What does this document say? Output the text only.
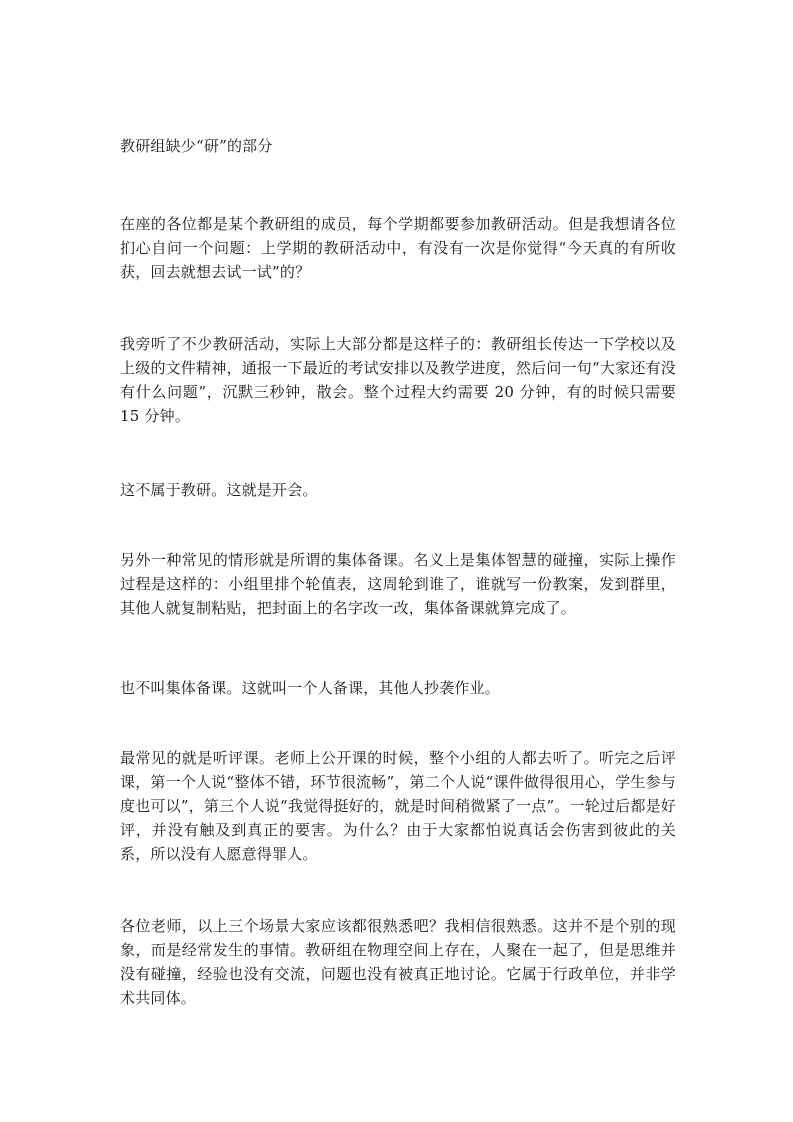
教研组缺少“研”的部分

在座的各位都是某个教研组的成员，每个学期都要参加教研活动。但是我想请各位扪心自问一个问题：上学期的教研活动中，有没有一次是你觉得“今天真的有所收获，回去就想去试一试”的？

我旁听了不少教研活动，实际上大部分都是这样子的：教研组长传达一下学校以及上级的文件精神，通报一下最近的考试安排以及教学进度，然后问一句“大家还有没有什么问题”，沉默三秒钟，散会。整个过程大约需要 20 分钟，有的时候只需要 15 分钟。

这不属于教研。这就是开会。

另外一种常见的情形就是所谓的集体备课。名义上是集体智慧的碰撞，实际上操作过程是这样的：小组里排个轮值表，这周轮到谁了，谁就写一份教案，发到群里，其他人就复制粘贴，把封面上的名字改一改，集体备课就算完成了。

也不叫集体备课。这就叫一个人备课，其他人抄袭作业。

最常见的就是听评课。老师上公开课的时候，整个小组的人都去听了。听完之后评课，第一个人说“整体不错，环节很流畅”，第二个人说“课件做得很用心，学生参与度也可以”，第三个人说“我觉得挺好的，就是时间稍微紧了一点”。一轮过后都是好评，并没有触及到真正的要害。为什么？由于大家都怕说真话会伤害到彼此的关系，所以没有人愿意得罪人。

各位老师，以上三个场景大家应该都很熟悉吧？我相信很熟悉。这并不是个别的现象，而是经常发生的事情。教研组在物理空间上存在，人聚在一起了，但是思维并没有碰撞，经验也没有交流，问题也没有被真正地讨论。它属于行政单位，并非学术共同体。
